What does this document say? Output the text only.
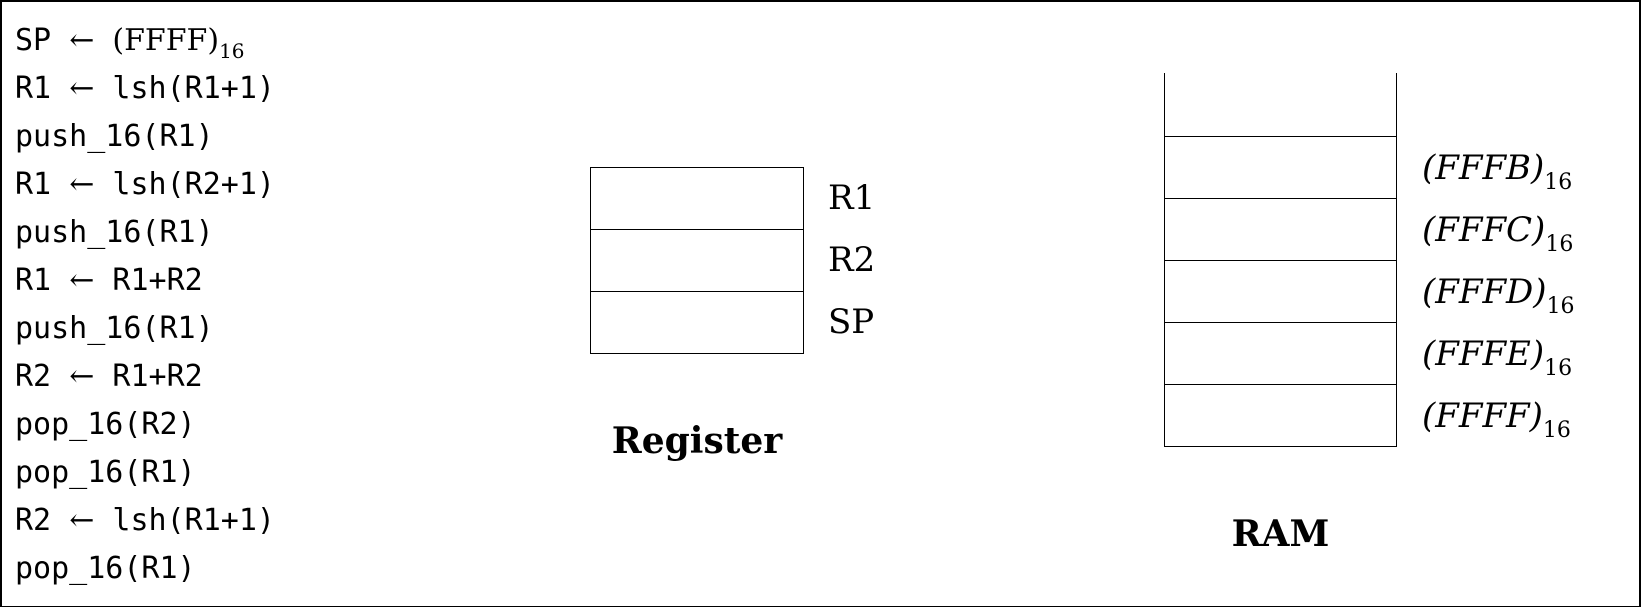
SP ← $(FFFF)_{16}$
R1 ← lsh(R1+1)
push_16(R1)
R1 ← lsh(R2+1)
push_16(R1)
R1 ← R1+R2
push_16(R1)
R2 ← R1+R2
pop_16(R2)
pop_16(R1)
R2 ← lsh(R1+1)
pop_16(R1)
R1
R2
SP
Register
$(FFFB)_{16}$
$(FFFC)_{16}$
$(FFFD)_{16}$
$(FFFE)_{16}$
$(FFFF)_{16}$
RAM
